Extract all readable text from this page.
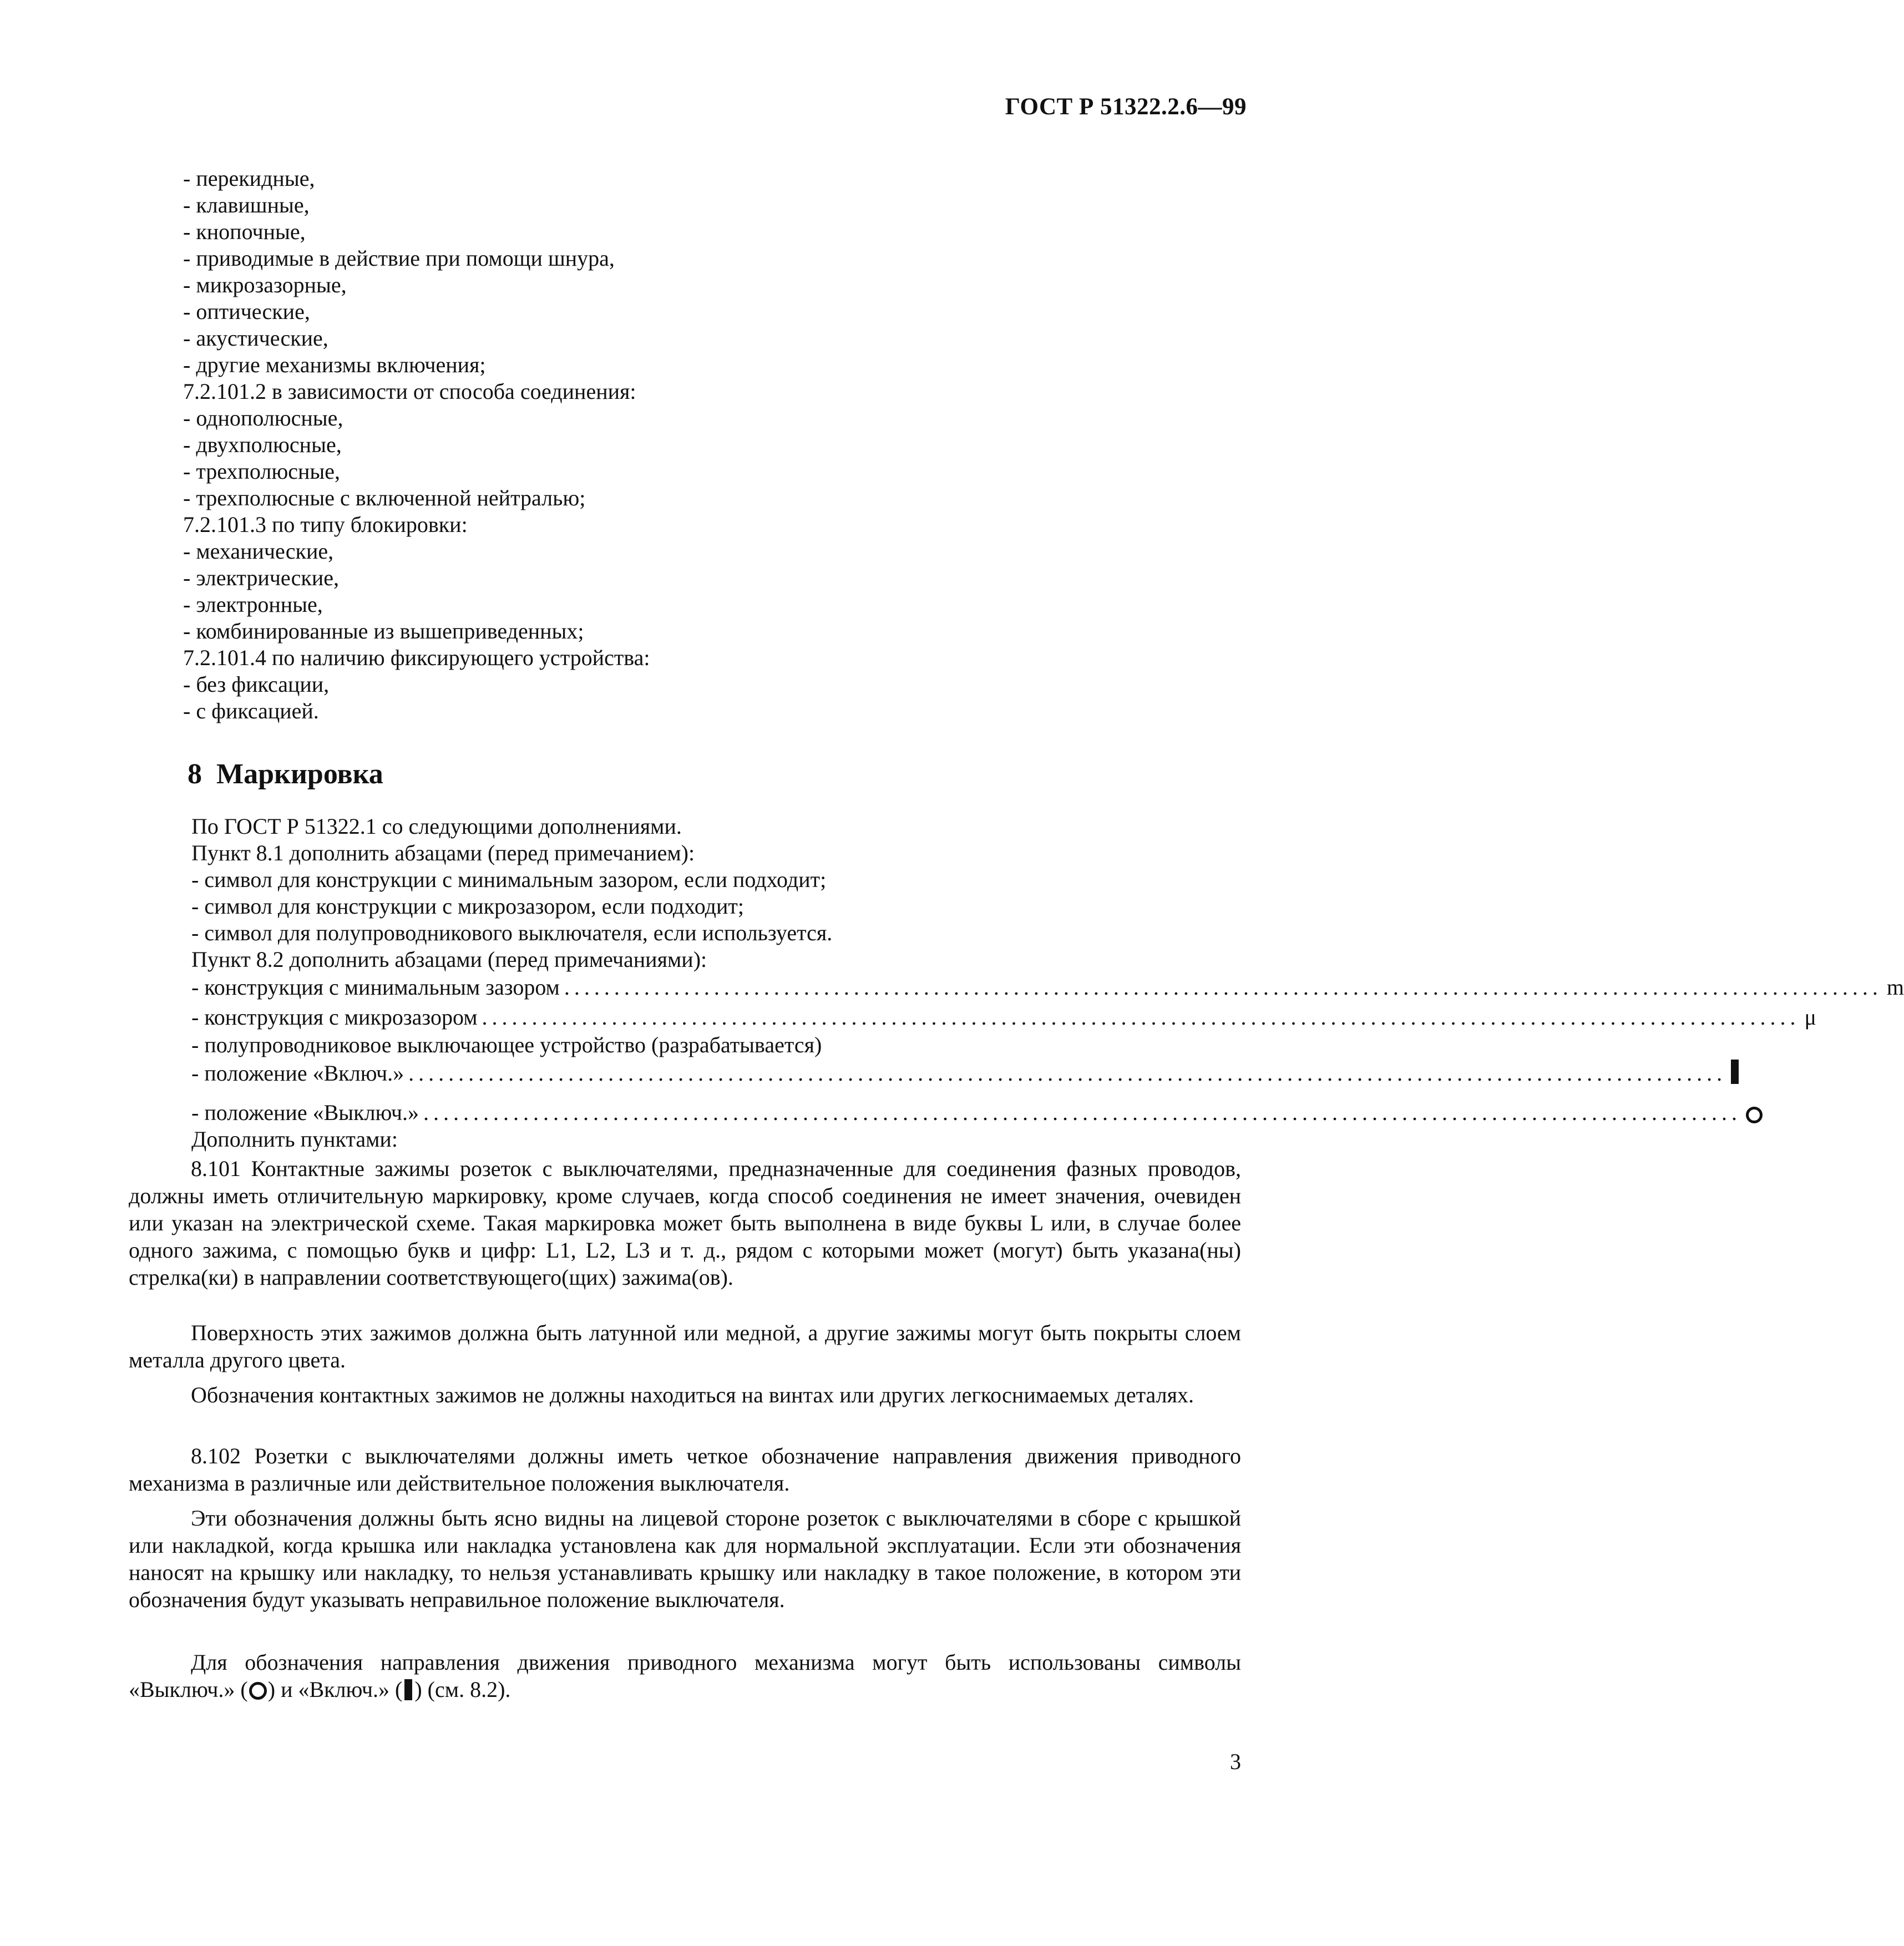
ГОСТ Р 51322.2.6—99
- перекидные,
- клавишные,
- кнопочные,
- приводимые в действие при помощи шнура,
- микрозазорные,
- оптические,
- акустические,
- другие механизмы включения;
7.2.101.2 в зависимости от способа соединения:
- однополюсные,
- двухполюсные,
- трехполюсные,
- трехполюсные с включенной нейтралью;
7.2.101.3 по типу блокировки:
- механические,
- электрические,
- электронные,
- комбинированные из вышеприведенных;
7.2.101.4 по наличию фиксирующего устройства:
- без фиксации,
- с фиксацией.
8 Маркировка
По ГОСТ Р 51322.1 со следующими дополнениями.
Пункт 8.1 дополнить абзацами (перед примечанием):
- символ для конструкции с минимальным зазором, если подходит;
- символ для конструкции с микрозазором, если подходит;
- символ для полупроводникового выключателя, если используется.
Пункт 8.2 дополнить абзацами (перед примечаниями):
- конструкция с минимальным зазором .................................................................................................................................... m
- конструкция с микрозазором .................................................................................................................................... μ
- полупроводниковое выключающее устройство (разрабатывается)
- положение «Включ.» ....................................................................................................................................
- положение «Выключ.» ....................................................................................................................................
Дополнить пунктами:
8.101 Контактные зажимы розеток с выключателями, предназначенные для соединения фазных проводов, должны иметь отличительную маркировку, кроме случаев, когда способ соединения не имеет значения, очевиден или указан на электрической схеме. Такая маркировка может быть выполнена в виде буквы L или, в случае более одного зажима, с помощью букв и цифр: L1, L2, L3 и т. д., рядом с которыми может (могут) быть указана(ны) стрелка(ки) в направлении соответствующего(щих) зажима(ов).
Поверхность этих зажимов должна быть латунной или медной, а другие зажимы могут быть покрыты слоем металла другого цвета.
Обозначения контактных зажимов не должны находиться на винтах или других легкоснимаемых деталях.
8.102 Розетки с выключателями должны иметь четкое обозначение направления движения приводного механизма в различные или действительное положения выключателя.
Эти обозначения должны быть ясно видны на лицевой стороне розеток с выключателями в сборе с крышкой или накладкой, когда крышка или накладка установлена как для нормальной эксплуатации. Если эти обозначения наносят на крышку или накладку, то нельзя устанавливать крышку или накладку в такое положение, в котором эти обозначения будут указывать неправильное положение выключателя.
Для обозначения направления движения приводного механизма могут быть использованы символы «Выключ.» ( ) и «Включ.» ( ) (см. 8.2).
3
